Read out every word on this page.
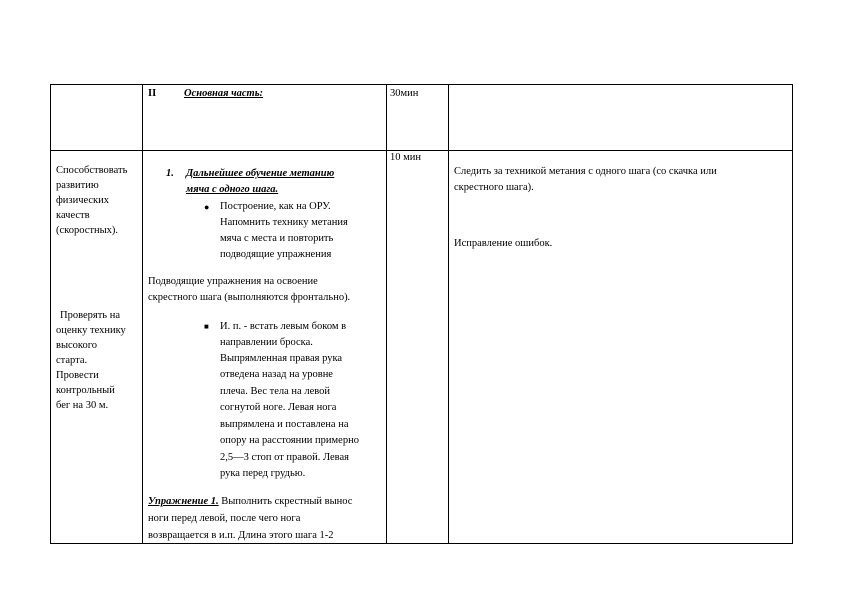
II	Основная часть:	30мин
Способствовать
развитию
физических
качеств
(скоростных).
Проверять на
оценку технику
высокого
старта.
Провести
контрольный
бег на 30 м.
1. Дальнейшее обучение метанию
мяча с одного шага.
● Построение, как на ОРУ.
Напомнить технику метания
мяча с места и повторить
подводящие упражнения
Подводящие упражнения на освоение
скрестного шага (выполняются фронтально).
■ И. п. - встать левым боком в
направлении броска.
Выпрямленная правая рука
отведена назад на уровне
плеча. Вес тела на левой
согнутой ноге. Левая нога
выпрямлена и поставлена на
опору на расстоянии примерно
2,5—3 стоп от правой. Левая
рука перед грудью.
Упражнение 1. Выполнить скрестный вынос
ноги перед левой, после чего нога
возвращается в и.п. Длина этого шага 1-2
10 мин
Следить за техникой метания с одного шага (со скачка или
скрестного шага).
Исправление ошибок.
